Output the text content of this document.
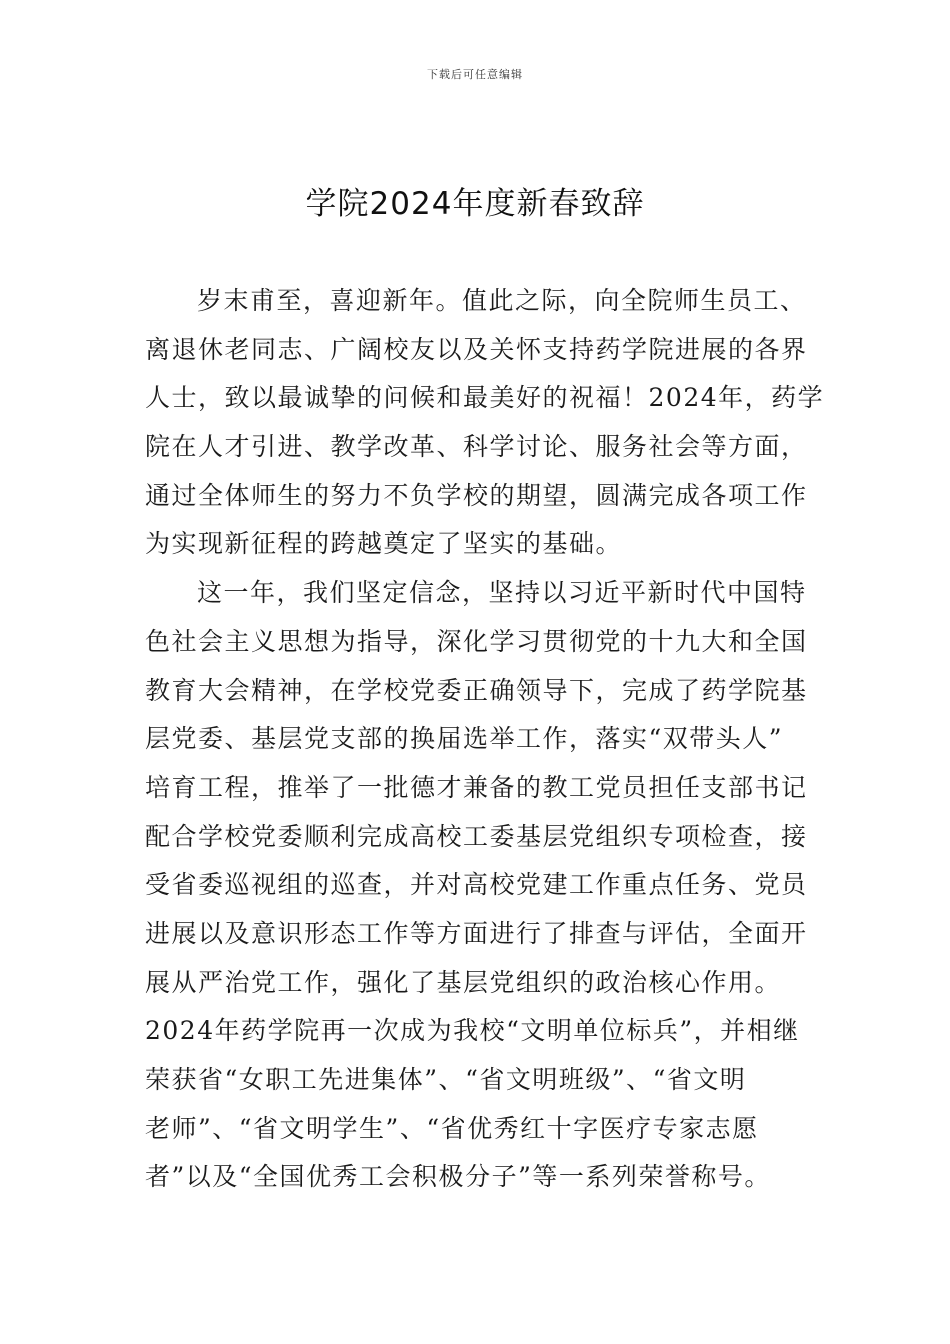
下载后可任意编辑
学院2024年度新春致辞
岁末甫至，喜迎新年。值此之际，向全院师生员工、
离退休老同志、广阔校友以及关怀支持药学院进展的各界
人士，致以最诚挚的问候和最美好的祝福！2024年，药学
院在人才引进、教学改革、科学讨论、服务社会等方面，
通过全体师生的努力不负学校的期望，圆满完成各项工作
为实现新征程的跨越奠定了坚实的基础。
这一年，我们坚定信念，坚持以习近平新时代中国特
色社会主义思想为指导，深化学习贯彻党的十九大和全国
教育大会精神，在学校党委正确领导下，完成了药学院基
层党委、基层党支部的换届选举工作，落实“双带头人”
培育工程，推举了一批德才兼备的教工党员担任支部书记
配合学校党委顺利完成高校工委基层党组织专项检查，接
受省委巡视组的巡查，并对高校党建工作重点任务、党员
进展以及意识形态工作等方面进行了排查与评估，全面开
展从严治党工作，强化了基层党组织的政治核心作用。
2024年药学院再一次成为我校“文明单位标兵”，并相继
荣获省“女职工先进集体”、“省文明班级”、“省文明
老师”、“省文明学生”、“省优秀红十字医疗专家志愿
者”以及“全国优秀工会积极分子”等一系列荣誉称号。
